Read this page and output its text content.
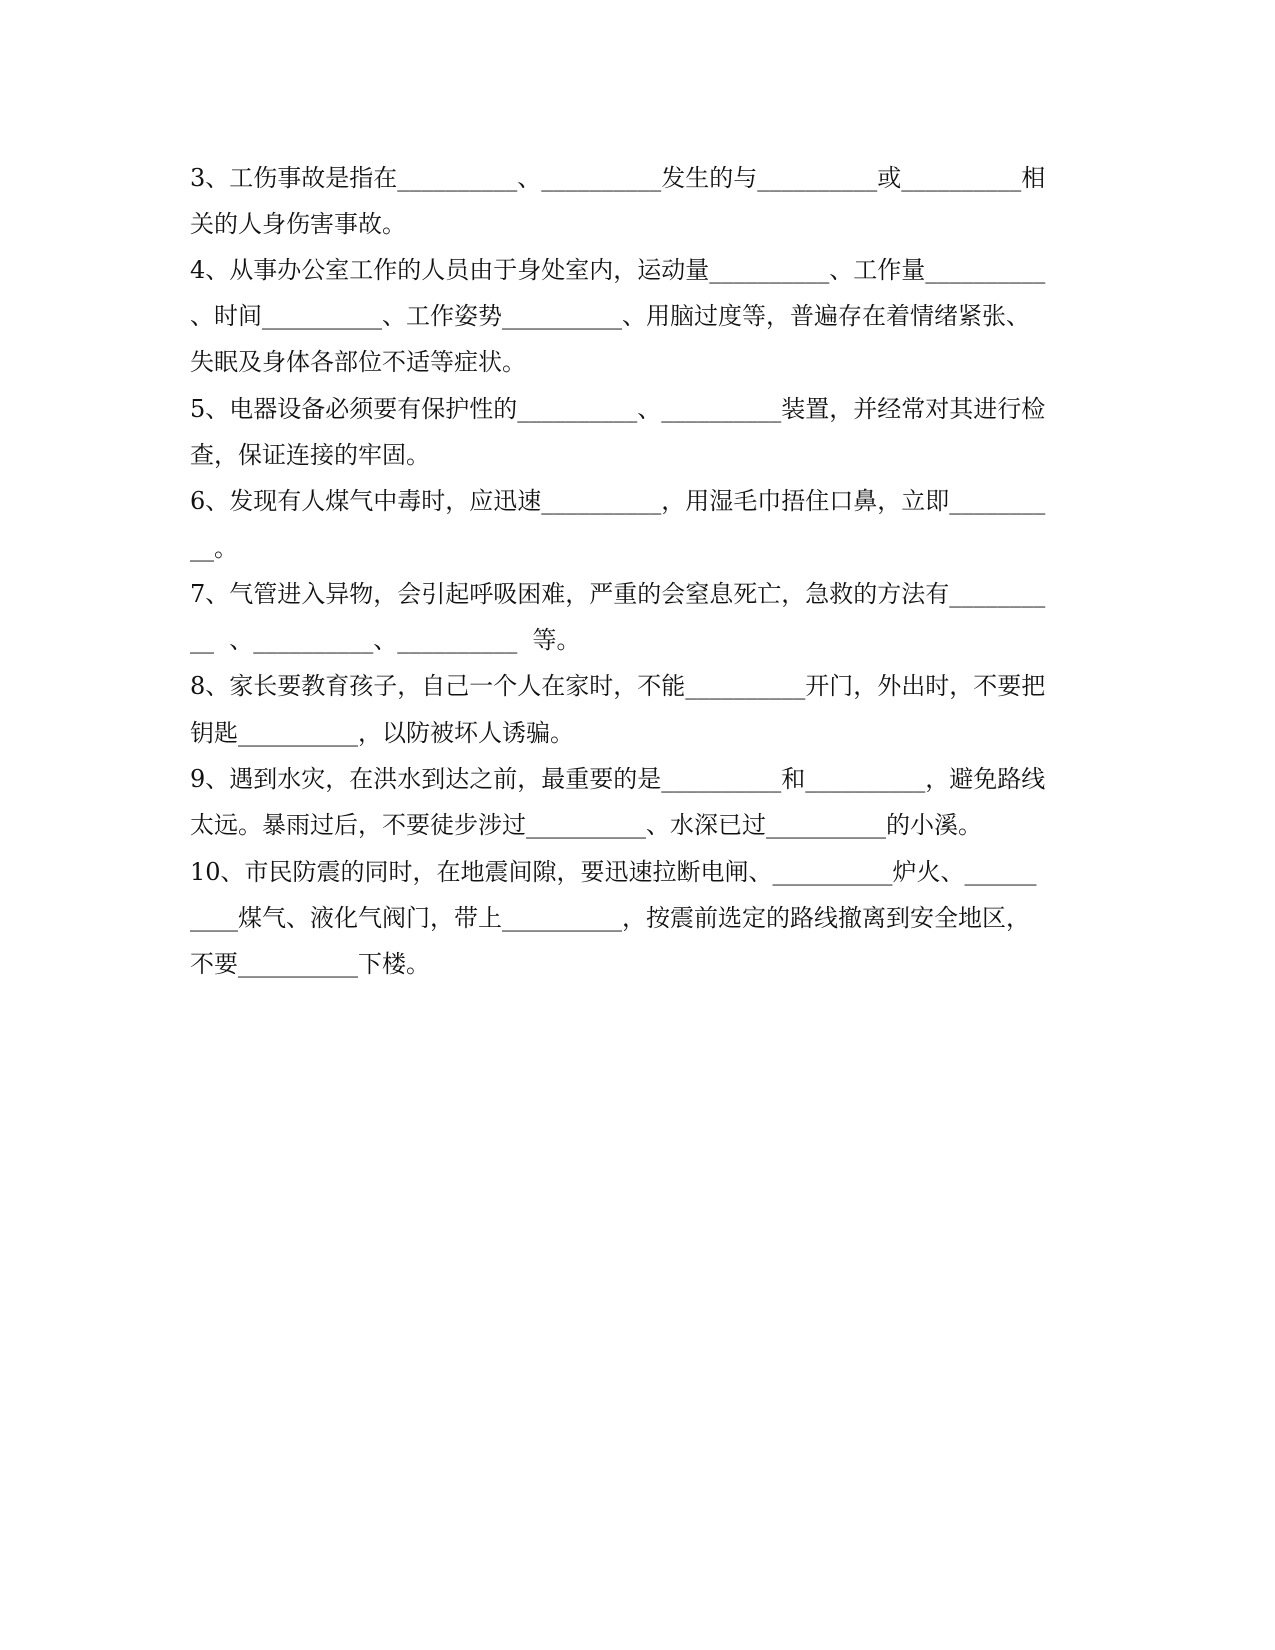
3、工伤事故是指在__________、__________发生的与__________或__________相
关的人身伤害事故。
4、从事办公室工作的人员由于身处室内，运动量__________、工作量__________
、时间__________、工作姿势__________、用脑过度等，普遍存在着情绪紧张、
失眠及身体各部位不适等症状。
5、电器设备必须要有保护性的__________、__________装置，并经常对其进行检
查，保证连接的牢固。
6、发现有人煤气中毒时，应迅速__________，用湿毛巾捂住口鼻，立即________
__。
7、气管进入异物，会引起呼吸困难，严重的会窒息死亡，急救的方法有________
__  、__________、__________  等。
8、家长要教育孩子，自己一个人在家时，不能__________开门，外出时，不要把
钥匙__________，以防被坏人诱骗。
9、遇到水灾，在洪水到达之前，最重要的是__________和__________，避免路线
太远。暴雨过后，不要徒步涉过__________、水深已过__________的小溪。
10、市民防震的同时，在地震间隙，要迅速拉断电闸、__________炉火、______
____煤气、液化气阀门，带上__________，按震前选定的路线撤离到安全地区，
不要__________下楼。
